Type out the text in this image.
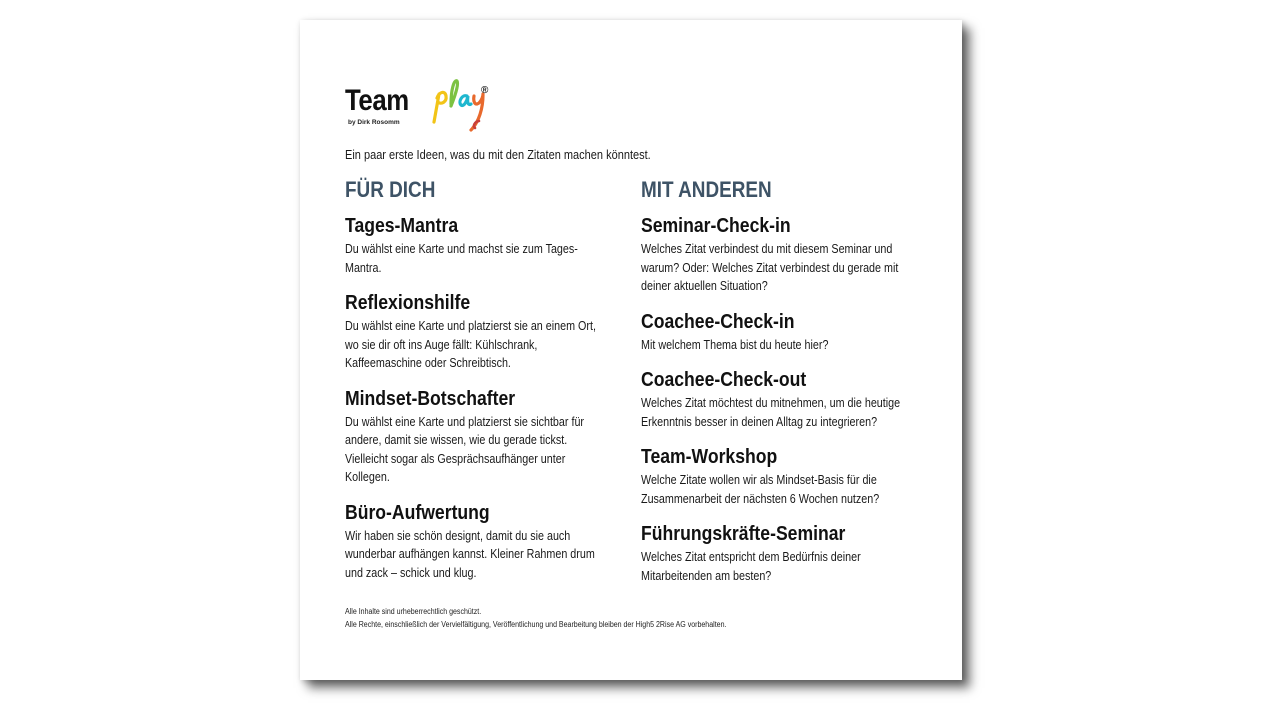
Team
by Dirk Rosomm
®
Ein paar erste Ideen, was du mit den Zitaten machen könntest.
FÜR DICH
Tages-Mantra
Du wählst eine Karte und machst sie zum Tages-Mantra.
Reflexionshilfe
Du wählst eine Karte und platzierst sie an einem Ort,
wo sie dir oft ins Auge fällt: Kühlschrank,
Kaffeemaschine oder Schreibtisch.
Mindset-Botschafter
Du wählst eine Karte und platzierst sie sichtbar für
andere, damit sie wissen, wie du gerade tickst.
Vielleicht sogar als Gesprächsaufhänger unter
Kollegen.
Büro-Aufwertung
Wir haben sie schön designt, damit du sie auch
wunderbar aufhängen kannst. Kleiner Rahmen drum
und zack – schick und klug.
MIT ANDEREN
Seminar-Check-in
Welches Zitat verbindest du mit diesem Seminar und
warum? Oder: Welches Zitat verbindest du gerade mit
deiner aktuellen Situation?
Coachee-Check-in
Mit welchem Thema bist du heute hier?
Coachee-Check-out
Welches Zitat möchtest du mitnehmen, um die heutige
Erkenntnis besser in deinen Alltag zu integrieren?
Team-Workshop
Welche Zitate wollen wir als Mindset-Basis für die
Zusammenarbeit der nächsten 6 Wochen nutzen?
Führungskräfte-Seminar
Welches Zitat entspricht dem Bedürfnis deiner
Mitarbeitenden am besten?
Alle Inhalte sind urheberrechtlich geschützt.
Alle Rechte, einschließlich der Vervielfältigung, Veröffentlichung und Bearbeitung bleiben der High5 2Rise AG vorbehalten.
